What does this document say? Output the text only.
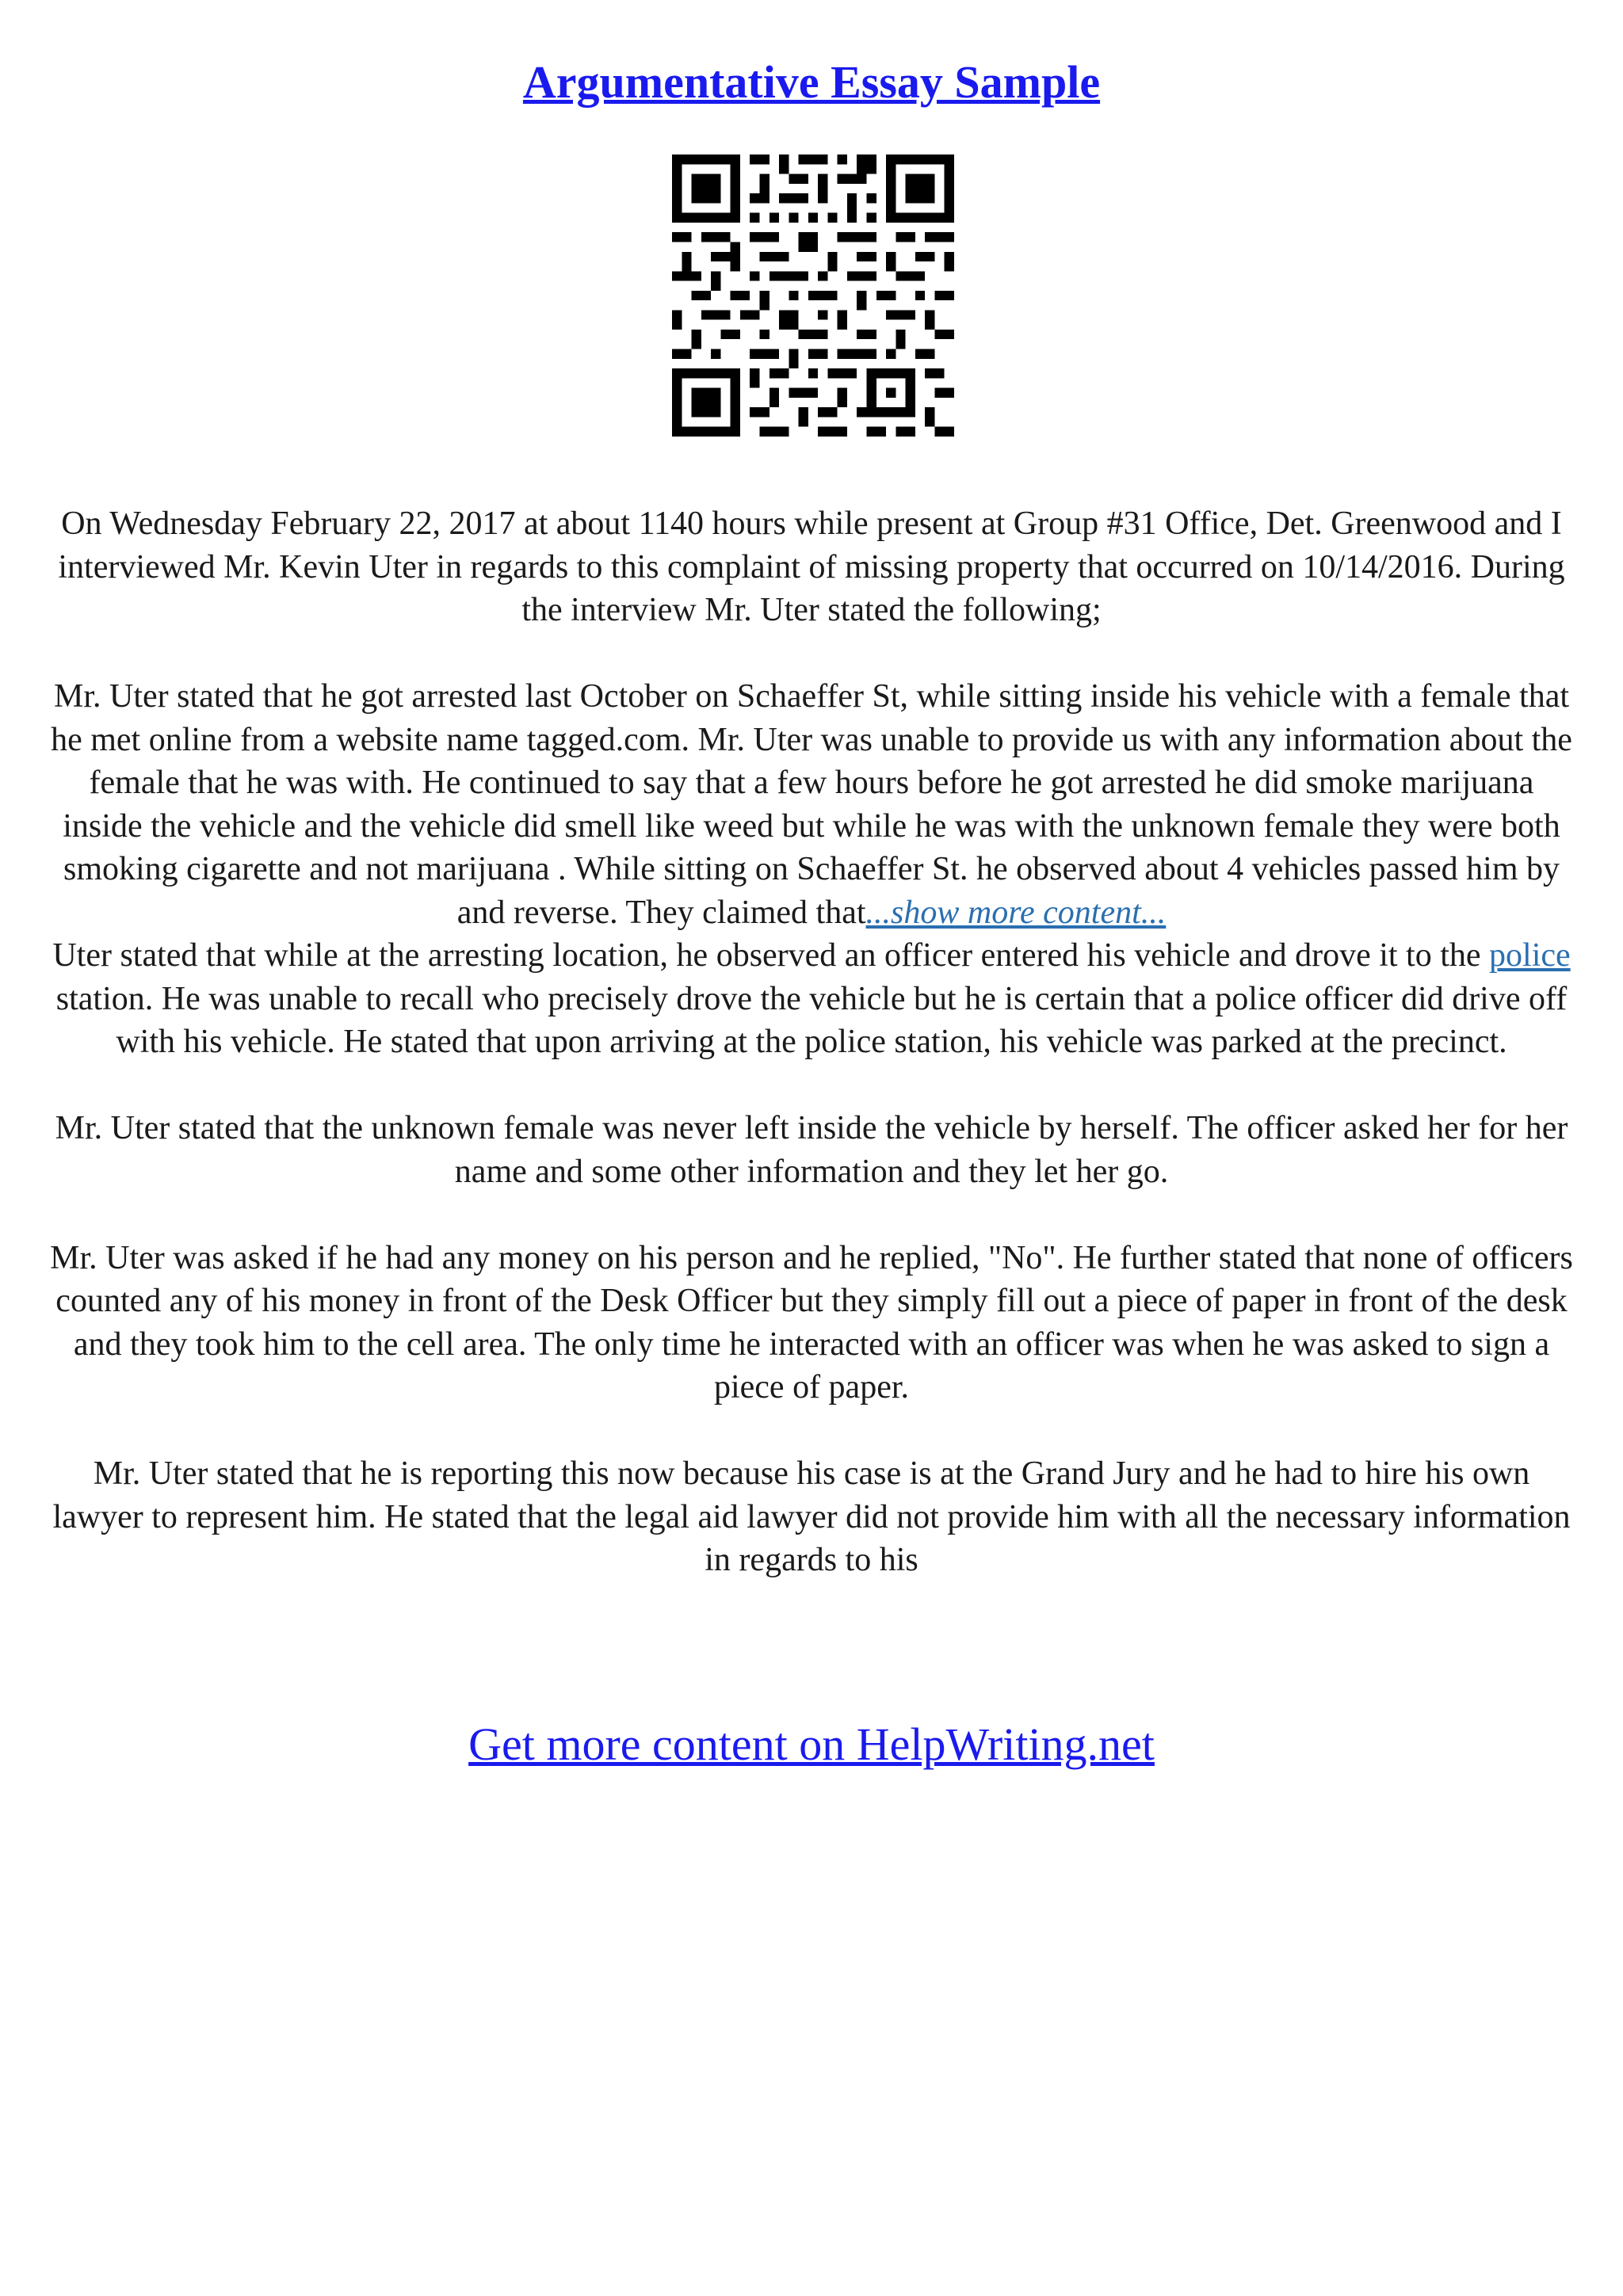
Argumentative Essay Sample

On Wednesday February 22, 2017 at about 1140 hours while present at Group #31 Office, Det. Greenwood and I interviewed Mr. Kevin Uter in regards to this complaint of missing property that occurred on 10/14/2016. During the interview Mr. Uter stated the following;

Mr. Uter stated that he got arrested last October on Schaeffer St, while sitting inside his vehicle with a female that he met online from a website name tagged.com. Mr. Uter was unable to provide us with any information about the female that he was with. He continued to say that a few hours before he got arrested he did smoke marijuana inside the vehicle and the vehicle did smell like weed but while he was with the unknown female they were both smoking cigarette and not marijuana . While sitting on Schaeffer St. he observed about 4 vehicles passed him by and reverse. They claimed that...show more content...

Uter stated that while at the arresting location, he observed an officer entered his vehicle and drove it to the police station. He was unable to recall who precisely drove the vehicle but he is certain that a police officer did drive off with his vehicle. He stated that upon arriving at the police station, his vehicle was parked at the precinct.

Mr. Uter stated that the unknown female was never left inside the vehicle by herself. The officer asked her for her name and some other information and they let her go.

Mr. Uter was asked if he had any money on his person and he replied, "No". He further stated that none of officers counted any of his money in front of the Desk Officer but they simply fill out a piece of paper in front of the desk and they took him to the cell area. The only time he interacted with an officer was when he was asked to sign a piece of paper.

Mr. Uter stated that he is reporting this now because his case is at the Grand Jury and he had to hire his own lawyer to represent him. He stated that the legal aid lawyer did not provide him with all the necessary information in regards to his

Get more content on HelpWriting.net
